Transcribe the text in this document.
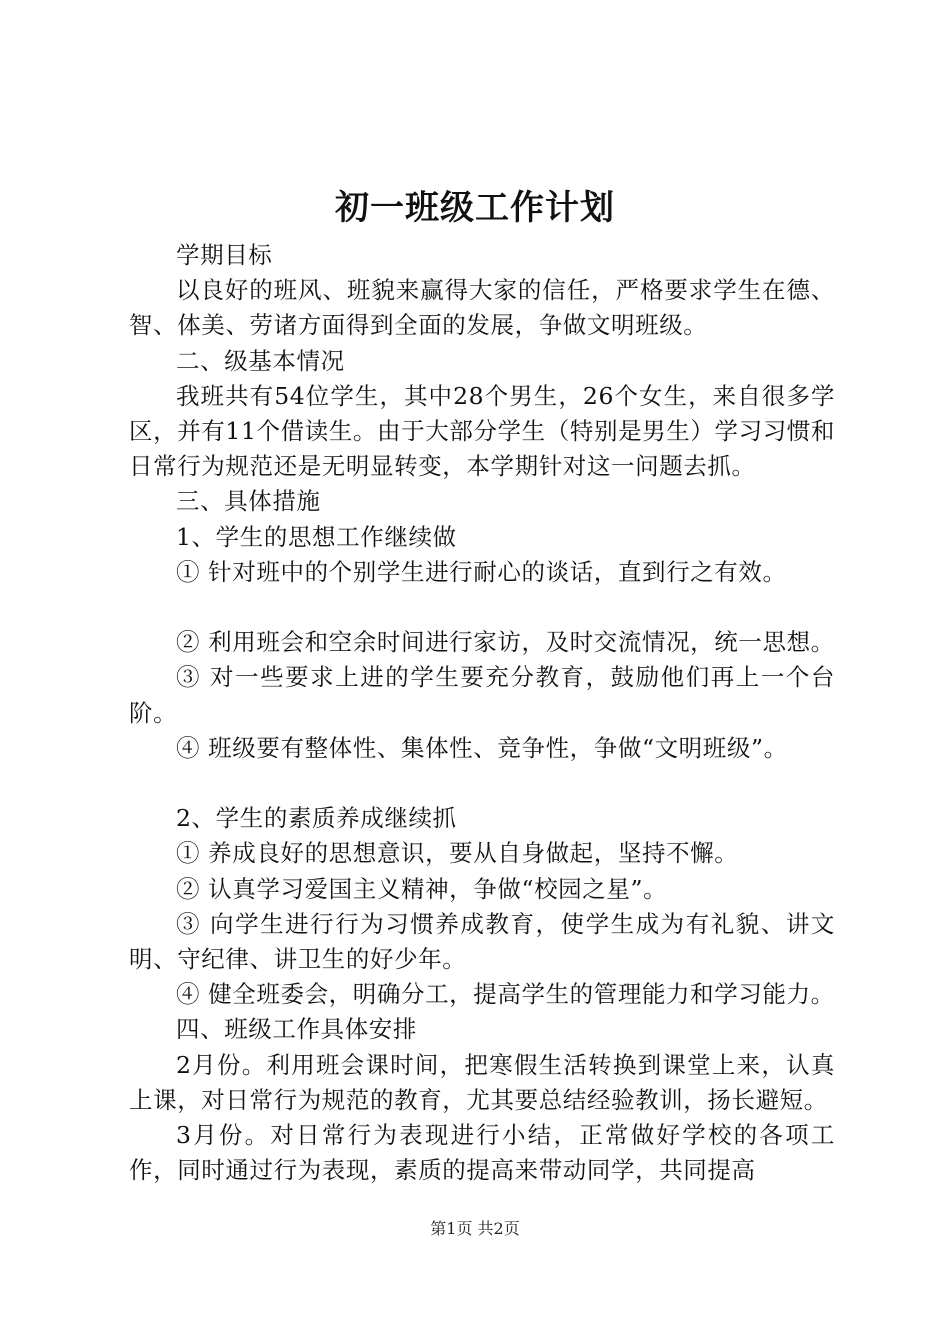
初一班级工作计划

学期目标

以良好的班风、班貌来赢得大家的信任，严格要求学生在德、智、体美、劳诸方面得到全面的发展，争做文明班级。

二、级基本情况

我班共有54位学生，其中28个男生，26个女生，来自很多学区，并有11个借读生。由于大部分学生（特别是男生）学习习惯和日常行为规范还是无明显转变，本学期针对这一问题去抓。

三、具体措施

1、学生的思想工作继续做

① 针对班中的个别学生进行耐心的谈话，直到行之有效。

② 利用班会和空余时间进行家访，及时交流情况，统一思想。

③ 对一些要求上进的学生要充分教育，鼓励他们再上一个台阶。

④ 班级要有整体性、集体性、竞争性，争做“文明班级”。

2、学生的素质养成继续抓

① 养成良好的思想意识，要从自身做起，坚持不懈。

② 认真学习爱国主义精神，争做“校园之星”。

③ 向学生进行行为习惯养成教育，使学生成为有礼貌、讲文明、守纪律、讲卫生的好少年。

④ 健全班委会，明确分工，提高学生的管理能力和学习能力。

四、班级工作具体安排

2月份。利用班会课时间，把寒假生活转换到课堂上来，认真上课，对日常行为规范的教育，尤其要总结经验教训，扬长避短。

3月份。对日常行为表现进行小结，正常做好学校的各项工作，同时通过行为表现，素质的提高来带动同学，共同提高

第1页 共2页
